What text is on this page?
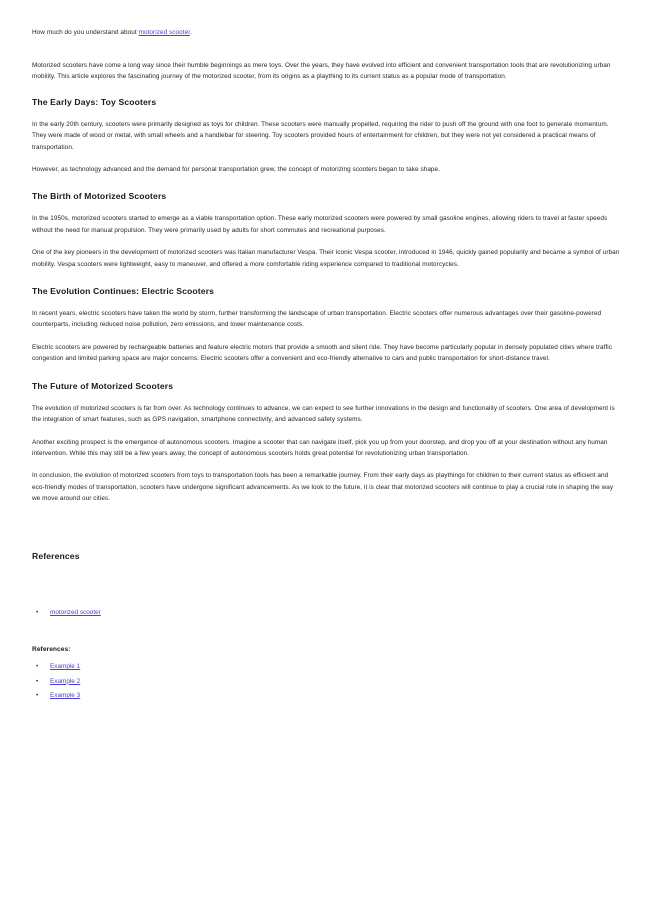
How much do you understand about motorized scooter.

Motorized scooters have come a long way since their humble beginnings as mere toys. Over the years, they have evolved into efficient and convenient transportation tools that are revolutionizing urban mobility. This article explores the fascinating journey of the motorized scooter, from its origins as a plaything to its current status as a popular mode of transportation.

The Early Days: Toy Scooters

In the early 20th century, scooters were primarily designed as toys for children. These scooters were manually propelled, requiring the rider to push off the ground with one foot to generate momentum. They were made of wood or metal, with small wheels and a handlebar for steering. Toy scooters provided hours of entertainment for children, but they were not yet considered a practical means of transportation.

However, as technology advanced and the demand for personal transportation grew, the concept of motorizing scooters began to take shape.

The Birth of Motorized Scooters

In the 1950s, motorized scooters started to emerge as a viable transportation option. These early motorized scooters were powered by small gasoline engines, allowing riders to travel at faster speeds without the need for manual propulsion. They were primarily used by adults for short commutes and recreational purposes.

One of the key pioneers in the development of motorized scooters was Italian manufacturer Vespa. Their iconic Vespa scooter, introduced in 1946, quickly gained popularity and became a symbol of urban mobility. Vespa scooters were lightweight, easy to maneuver, and offered a more comfortable riding experience compared to traditional motorcycles.

The Evolution Continues: Electric Scooters

In recent years, electric scooters have taken the world by storm, further transforming the landscape of urban transportation. Electric scooters offer numerous advantages over their gasoline-powered counterparts, including reduced noise pollution, zero emissions, and lower maintenance costs.

Electric scooters are powered by rechargeable batteries and feature electric motors that provide a smooth and silent ride. They have become particularly popular in densely populated cities where traffic congestion and limited parking space are major concerns. Electric scooters offer a convenient and eco-friendly alternative to cars and public transportation for short-distance travel.

The Future of Motorized Scooters

The evolution of motorized scooters is far from over. As technology continues to advance, we can expect to see further innovations in the design and functionality of scooters. One area of development is the integration of smart features, such as GPS navigation, smartphone connectivity, and advanced safety systems.

Another exciting prospect is the emergence of autonomous scooters. Imagine a scooter that can navigate itself, pick you up from your doorstep, and drop you off at your destination without any human intervention. While this may still be a few years away, the concept of autonomous scooters holds great potential for revolutionizing urban transportation.

In conclusion, the evolution of motorized scooters from toys to transportation tools has been a remarkable journey. From their early days as playthings for children to their current status as efficient and eco-friendly modes of transportation, scooters have undergone significant advancements. As we look to the future, it is clear that motorized scooters will continue to play a crucial role in shaping the way we move around our cities.

References
• motorized scooter
References:
• Example 1
• Example 2
• Example 3
